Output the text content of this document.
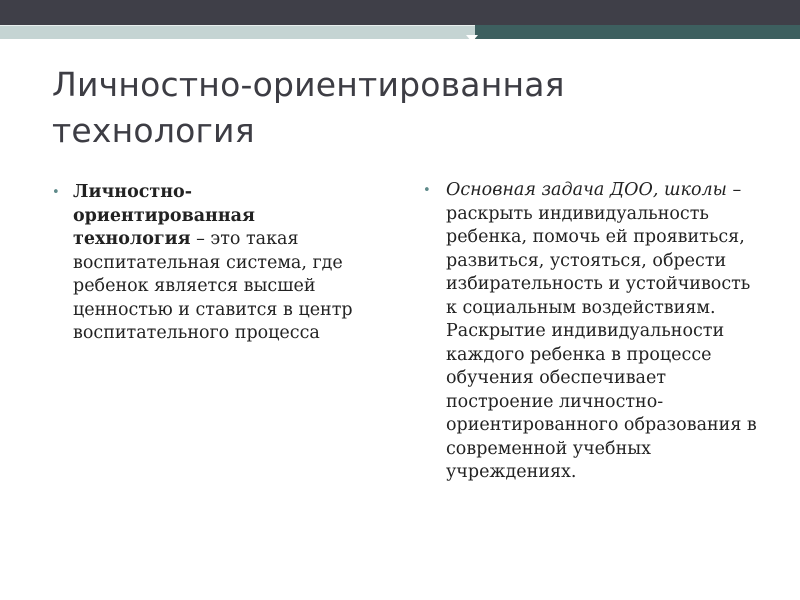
Личностно-ориентированная
технология
• Личностно-ориентированная технология – это такая воспитательная система, где ребенок является высшей ценностью и ставится в центр воспитательного процесса

• Основная задача ДОО, школы – раскрыть индивидуальность ребенка, помочь ей проявиться, развиться, устояться, обрести избирательность и устойчивость к социальным воздействиям. Раскрытие индивидуальности каждого ребенка в процессе обучения обеспечивает построение личностно-ориентированного образования в современной учебных учреждениях.
